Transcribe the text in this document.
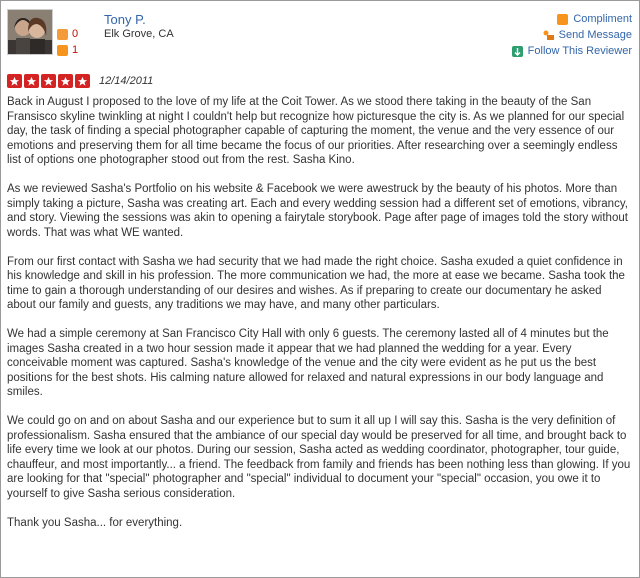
0
1
Tony P.
Elk Grove, CA
Compliment
Send Message
Follow This Reviewer
12/14/2011

Back in August I proposed to the love of my life at the Coit Tower. As we stood there taking in the beauty of the San Fransisco skyline twinkling at night I couldn't help but recognize how picturesque the city is. As we planned for our special day, the task of finding a special photographer capable of capturing the moment, the venue and the very essence of our emotions and preserving them for all time became the focus of our priorities. After researching over a seemingly endless list of options one photographer stood out from the rest. Sasha Kino.

As we reviewed Sasha's Portfolio on his website & Facebook we were awestruck by the beauty of his photos. More than simply taking a picture, Sasha was creating art. Each and every wedding session had a different set of emotions, vibrancy, and story. Viewing the sessions was akin to opening a fairytale storybook. Page after page of images told the story without words. That was what WE wanted.

From our first contact with Sasha we had security that we had made the right choice. Sasha exuded a quiet confidence in his knowledge and skill in his profession. The more communication we had, the more at ease we became. Sasha took the time to gain a thorough understanding of our desires and wishes. As if preparing to create our documentary he asked about our family and guests, any traditions we may have, and many other particulars.

We had a simple ceremony at San Francisco City Hall with only 6 guests. The ceremony lasted all of 4 minutes but the images Sasha created in a two hour session made it appear that we had planned the wedding for a year. Every conceivable moment was captured. Sasha's knowledge of the venue and the city were evident as he put us the best positions for the best shots. His calming nature allowed for relaxed and natural expressions in our body language and smiles.

We could go on and on about Sasha and our experience but to sum it all up I will say this. Sasha is the very definition of professionalism. Sasha ensured that the ambiance of our special day would be preserved for all time, and brought back to life every time we look at our photos. During our session, Sasha acted as wedding coordinator, photographer, tour guide, chauffeur, and most importantly... a friend. The feedback from family and friends has been nothing less than glowing. If you are looking for that "special" photographer and "special" individual to document your "special" occasion, you owe it to yourself to give Sasha serious consideration.

Thank you Sasha... for everything.
